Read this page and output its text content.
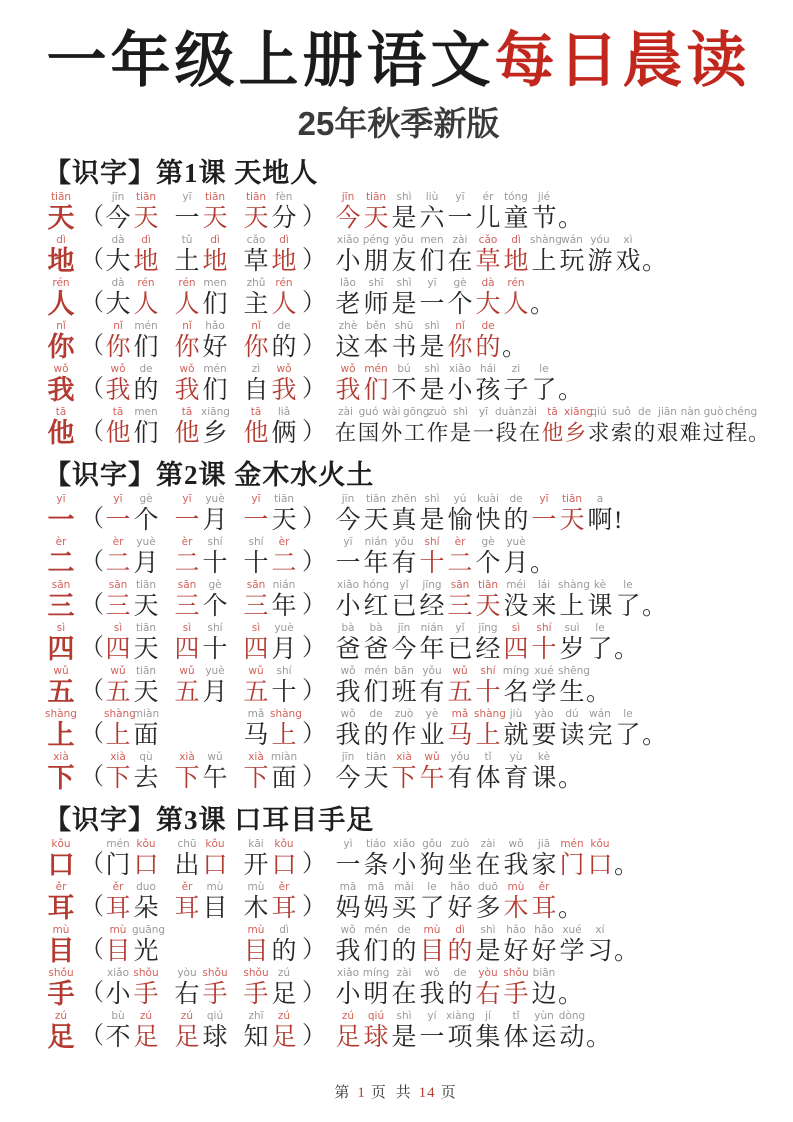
一年级上册语文每日晨读
25年秋季新版
【识字】第1课 天地人
tiān
天 （
jīn
今
tiān
天
yī
一
tiān
天
tiān
天
fèn
分 ）
jīn
今
tiān
天
shì
是
liù
六
yī
一
ér
儿
tóng
童
jié
节
。
dì
地 （
dà
大
dì
地
tǔ
土
dì
地
cǎo
草
dì
地 ）
xiǎo
小
péng
朋
yǒu
友
men
们
zài
在
cǎo
草
dì
地
shàng
上
wán
玩
yóu
游
xì
戏
。
rén
人 （
dà
大
rén
人
rén
人
men
们
zhǔ
主
rén
人 ）
lǎo
老
shī
师
shì
是
yī
一
gè
个
dà
大
rén
人
。
nǐ
你 （
nǐ
你
mén
们
nǐ
你
hǎo
好
nǐ
你
de
的 ）
zhè
这
běn
本
shū
书
shì
是
nǐ
你
de
的
。
wǒ
我 （
wǒ
我
de
的
wǒ
我
mén
们
zì
自
wǒ
我 ）
wǒ
我
mén
们
bú
不
shì
是
xiǎo
小
hái
孩
zi
子
le
了
。
tā
他 （
tā
他
men
们
tā
他
xiāng
乡
tā
他
liǎ
俩 ）
zài
在
guó
国
wài
外
gōng
工
zuò
作
shì
是
yī
一
duàn
段
zài
在
tā
他
xiāng
乡
qiú
求
suǒ
索
de
的
jiān
艰
nàn
难
guò
过
chéng
程
。
【识字】第2课 金木水火土
yī
一 （
yī
一
gè
个
yī
一
yuè
月
yī
一
tiān
天 ）
jīn
今
tiān
天
zhēn
真
shì
是
yú
愉
kuài
快
de
的
yī
一
tiān
天
a
啊
!
èr
二 （
èr
二
yuè
月
èr
二
shí
十
shí
十
èr
二 ）
yī
一
nián
年
yǒu
有
shí
十
èr
二
gè
个
yuè
月
。
sān
三 （
sān
三
tiān
天
sān
三
gè
个
sān
三
nián
年 ）
xiǎo
小
hóng
红
yǐ
已
jīng
经
sān
三
tiān
天
méi
没
lái
来
shàng
上
kè
课
le
了
。
sì
四 （
sì
四
tiān
天
sì
四
shí
十
sì
四
yuè
月 ）
bà
爸
bà
爸
jīn
今
nián
年
yǐ
已
jīng
经
sì
四
shí
十
suì
岁
le
了
。
wǔ
五 （
wǔ
五
tiān
天
wǔ
五
yuè
月
wǔ
五
shí
十 ）
wǒ
我
mén
们
bān
班
yǒu
有
wǔ
五
shí
十
míng
名
xué
学
shēng
生
。
shàng
上 （
shàng
上
miàn
面
mǎ
马
shàng
上 ）
wǒ
我
de
的
zuò
作
yè
业
mǎ
马
shàng
上
jiù
就
yào
要
dú
读
wán
完
le
了
。
xià
下 （
xià
下
qù
去
xià
下
wǔ
午
xià
下
miàn
面 ）
jīn
今
tiān
天
xià
下
wǔ
午
yǒu
有
tǐ
体
yù
育
kè
课
。
【识字】第3课 口耳目手足
kǒu
口 （
mén
门
kǒu
口
chū
出
kǒu
口
kāi
开
kǒu
口 ）
yì
一
tiáo
条
xiǎo
小
gǒu
狗
zuò
坐
zài
在
wǒ
我
jiā
家
mén
门
kǒu
口
。
ěr
耳 （
ěr
耳
duo
朵
ěr
耳
mù
目
mù
木
ěr
耳 ）
mā
妈
mā
妈
mǎi
买
le
了
hǎo
好
duō
多
mù
木
ěr
耳
。
mù
目 （
mù
目
guāng
光
mù
目
dì
的 ）
wǒ
我
mén
们
de
的
mù
目
dì
的
shì
是
hǎo
好
hǎo
好
xué
学
xí
习
。
shǒu
手 （
xiǎo
小
shǒu
手
yòu
右
shǒu
手
shǒu
手
zú
足 ）
xiǎo
小
míng
明
zài
在
wǒ
我
de
的
yòu
右
shǒu
手
biān
边
。
zú
足 （
bù
不
zú
足
zú
足
qiú
球
zhī
知
zú
足 ）
zú
足
qiú
球
shì
是
yí
一
xiàng
项
jí
集
tǐ
体
yùn
运
dòng
动
。
第 1 页 共 14 页
